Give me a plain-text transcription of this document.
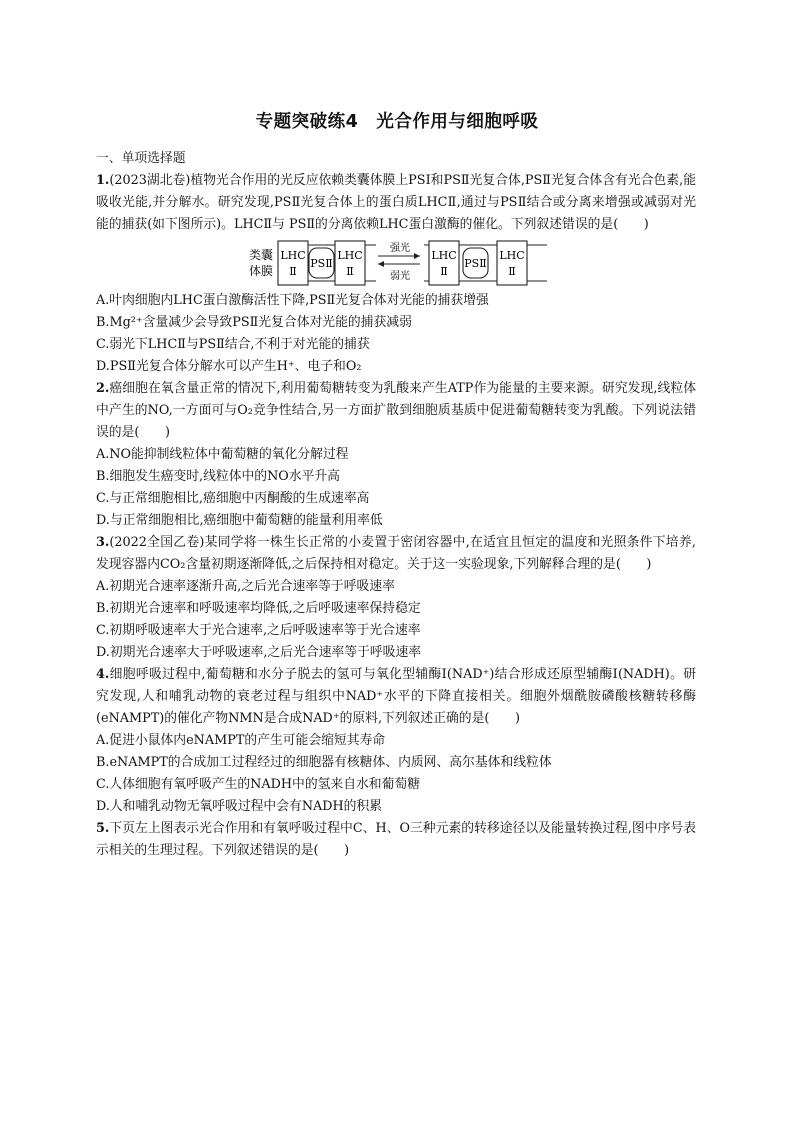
专题突破练4　光合作用与细胞呼吸

一、单项选择题

1.(2023湖北卷)植物光合作用的光反应依赖类囊体膜上PSⅠ和PSⅡ光复合体,PSⅡ光复合体含有光合色素,能吸收光能,并分解水。研究发现,PSⅡ光复合体上的蛋白质LHCⅡ,通过与PSⅡ结合或分离来增强或减弱对光能的捕获(如下图所示)。LHCⅡ与 PSⅡ的分离依赖LHC蛋白激酶的催化。下列叙述错误的是(　　)

类囊
体膜
LHC
Ⅱ
PSⅡ
LHC
Ⅱ
强光
弱光
LHC
Ⅱ
PSⅡ
LHC
Ⅱ

A.叶肉细胞内LHC蛋白激酶活性下降,PSⅡ光复合体对光能的捕获增强

B.Mg²⁺含量减少会导致PSⅡ光复合体对光能的捕获减弱

C.弱光下LHCⅡ与PSⅡ结合,不利于对光能的捕获

D.PSⅡ光复合体分解水可以产生H⁺、电子和O₂

2.癌细胞在氧含量正常的情况下,利用葡萄糖转变为乳酸来产生ATP作为能量的主要来源。研究发现,线粒体中产生的NO,一方面可与O₂竞争性结合,另一方面扩散到细胞质基质中促进葡萄糖转变为乳酸。下列说法错误的是(　　)

A.NO能抑制线粒体中葡萄糖的氧化分解过程

B.细胞发生癌变时,线粒体中的NO水平升高

C.与正常细胞相比,癌细胞中丙酮酸的生成速率高

D.与正常细胞相比,癌细胞中葡萄糖的能量利用率低

3.(2022全国乙卷)某同学将一株生长正常的小麦置于密闭容器中,在适宜且恒定的温度和光照条件下培养,发现容器内CO₂含量初期逐渐降低,之后保持相对稳定。关于这一实验现象,下列解释合理的是(　　)

A.初期光合速率逐渐升高,之后光合速率等于呼吸速率

B.初期光合速率和呼吸速率均降低,之后呼吸速率保持稳定

C.初期呼吸速率大于光合速率,之后呼吸速率等于光合速率

D.初期光合速率大于呼吸速率,之后光合速率等于呼吸速率

4.细胞呼吸过程中,葡萄糖和水分子脱去的氢可与氧化型辅酶Ⅰ(NAD⁺)结合形成还原型辅酶Ⅰ(NADH)。研究发现,人和哺乳动物的衰老过程与组织中NAD⁺水平的下降直接相关。细胞外烟酰胺磷酸核糖转移酶(eNAMPT)的催化产物NMN是合成NAD⁺的原料,下列叙述正确的是(　　)

A.促进小鼠体内eNAMPT的产生可能会缩短其寿命

B.eNAMPT的合成加工过程经过的细胞器有核糖体、内质网、高尔基体和线粒体

C.人体细胞有氧呼吸产生的NADH中的氢来自水和葡萄糖

D.人和哺乳动物无氧呼吸过程中会有NADH的积累

5.下页左上图表示光合作用和有氧呼吸过程中C、H、O三种元素的转移途径以及能量转换过程,图中序号表示相关的生理过程。下列叙述错误的是(　　)
